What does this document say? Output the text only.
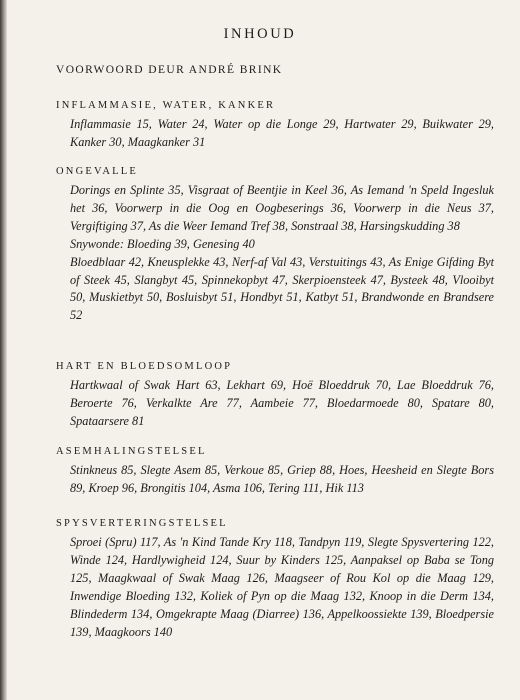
INHOUD
VOORWOORD DEUR ANDRÉ BRINK
INFLAMMASIE, WATER, KANKER
Inflammasie 15, Water 24, Water op die Longe 29, Hartwater 29, Buikwater 29, Kanker 30, Maagkanker 31
ONGEVALLE
Dorings en Splinte 35, Visgraat of Beentjie in Keel 36, As Iemand 'n Speld Ingesluk het 36, Voorwerp in die Oog en Oogbeserings 36, Voorwerp in die Neus 37, Vergiftiging 37, As die Weer Iemand Tref 38, Sonstraal 38, Harsingskudding 38
Snywonde: Bloeding 39, Genesing 40
Bloedblaar 42, Kneusplekke 43, Nerf-af Val 43, Verstuitings 43, As Enige Gifding Byt of Steek 45, Slangbyt 45, Spinnekopbyt 47, Skerpioensteek 47, Bysteek 48, Vlooibyt 50, Muskietbyt 50, Bosluisbyt 51, Hondbyt 51, Katbyt 51, Brandwonde en Brandsere 52
HART EN BLOEDSOMLOOP
Hartkwaal of Swak Hart 63, Lekhart 69, Hoë Bloeddruk 70, Lae Bloeddruk 76, Beroerte 76, Verkalkte Are 77, Aambeie 77, Bloedarmoede 80, Spatare 80, Spataarsere 81
ASEMHALINGSTELSEL
Stinkneus 85, Slegte Asem 85, Verkoue 85, Griep 88, Hoes, Heesheid en Slegte Bors 89, Kroep 96, Brongitis 104, Asma 106, Tering 111, Hik 113
SPYSVERTERINGSTELSEL
Sproei (Spru) 117, As 'n Kind Tande Kry 118, Tandpyn 119, Slegte Spysvertering 122, Winde 124, Hardlywigheid 124, Suur by Kinders 125, Aanpaksel op Baba se Tong 125, Maagkwaal of Swak Maag 126, Maagseer of Rou Kol op die Maag 129, Inwendige Bloeding 132, Koliek of Pyn op die Maag 132, Knoop in die Derm 134, Blindederm 134, Omgekrapte Maag (Diarree) 136, Appelkoossiekte 139, Bloedpersie 139, Maagkoors 140
